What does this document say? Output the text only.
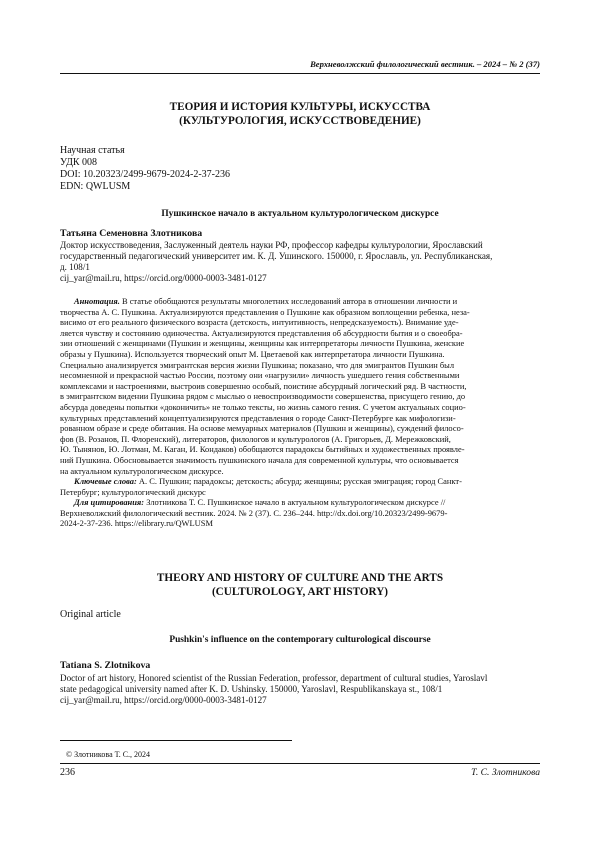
Верхневолжский филологический вестник. – 2024 – № 2 (37)
ТЕОРИЯ И ИСТОРИЯ КУЛЬТУРЫ, ИСКУССТВА
(КУЛЬТУРОЛОГИЯ, ИСКУССТВОВЕДЕНИЕ)
Научная статья
УДК 008
DOI: 10.20323/2499-9679-2024-2-37-236
EDN: QWLUSM
Пушкинское начало в актуальном культурологическом дискурсе
Татьяна Семеновна Злотникова
Доктор искусствоведения, Заслуженный деятель науки РФ, профессор кафедры культурологии, Ярославский
государственный педагогический университет им. К. Д. Ушинского. 150000, г. Ярославль, ул. Республиканская,
д. 108/1
cij_yar@mail.ru, https://orcid.org/0000-0003-3481-0127
Аннотация. В статье обобщаются результаты многолетних исследований автора в отношении личности и
творчества А. С. Пушкина. Актуализируются представления о Пушкине как образном воплощении ребенка, неза-
висимо от его реального физического возраста (детскость, интуитивность, непредсказуемость). Внимание уде-
ляется чувству и состоянию одиночества. Актуализируются представления об абсурдности бытия и о своеобра-
зии отношений с женщинами (Пушкин и женщины, женщины как интерпретаторы личности Пушкина, женские
образы у Пушкина). Используется творческий опыт М. Цветаевой как интерпретатора личности Пушкина.
Специально анализируется эмигрантская версия жизни Пушкина; показано, что для эмигрантов Пушкин был
несомненной и прекрасной частью России, поэтому они «нагрузили» личность ушедшего гения собственными
комплексами и настроениями, выстроив совершенно особый, поистине абсурдный логический ряд. В частности,
в эмигрантском видении Пушкина рядом с мыслью о невоспроизводимости совершенства, присущего гению, до
абсурда доведены попытки «доконичить» не только тексты, но жизнь самого гения. С учетом актуальных социо-
культурных представлений концептуализируются представления о городе Санкт-Петербурге как мифологизи-
рованном образе и среде обитания. На основе мемуарных материалов (Пушкин и женщины), суждений филосо-
фов (В. Розанов, П. Флоренский), литераторов, филологов и культурологов (А. Григорьев, Д. Мережковский,
Ю. Тынянов, Ю. Лотман, М. Каган, И. Кондаков) обобщаются парадоксы бытийных и художественных проявле-
ний Пушкина. Обосновывается значимость пушкинского начала для современной культуры, что основывается
на актуальном культурологическом дискурсе.
Ключевые слова: А. С. Пушкин; парадоксы; детскость; абсурд; женщины; русская эмиграция; город Санкт-
Петербург; культурологический дискурс
Для цитирования: Злотникова Т. С. Пушкинское начало в актуальном культурологическом дискурсе //
Верхневолжский филологический вестник. 2024. № 2 (37). С. 236–244. http://dx.doi.org/10.20323/2499-9679-
2024-2-37-236. https://elibrary.ru/QWLUSM
THEORY AND HISTORY OF CULTURE AND THE ARTS
(CULTUROLOGY, ART HISTORY)
Original article
Pushkin's influence on the contemporary culturological discourse
Tatiana S. Zlotnikova
Doctor of art history, Honored scientist of the Russian Federation, professor, department of cultural studies, Yaroslavl
state pedagogical university named after K. D. Ushinsky. 150000, Yaroslavl, Respublikanskaya st., 108/1
cij_yar@mail.ru, https://orcid.org/0000-0003-3481-0127
© Злотникова Т. С., 2024
236	Т. С. Злотникова
